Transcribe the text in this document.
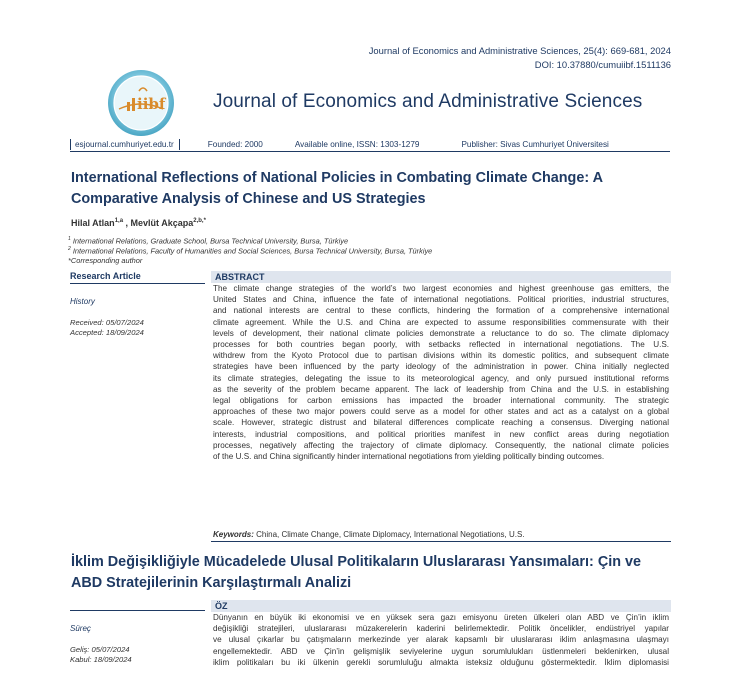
Journal of Economics and Administrative Sciences, 25(4): 669-681, 2024
DOI: 10.37880/cumuiibf.1511136
iibf	Journal of Economics and Administrative Sciences
esjournal.cumhuriyet.edu.tr	Founded: 2000	Available online, ISSN: 1303-1279	Publisher: Sivas Cumhuriyet Üniversitesi
International Reflections of National Policies in Combating Climate Change: A
Comparative Analysis of Chinese and US Strategies
Hilal Atlan$^{1,a}$ , Mevlüt Akçapa$^{2,b,*}$
$^1$ International Relations, Graduate School, Bursa Technical University, Bursa, Türkiye
$^2$ International Relations, Faculty of Humanities and Social Sciences, Bursa Technical University, Bursa, Türkiye
*Corresponding author
Research Article
History
Received: 05/07/2024
Accepted: 18/09/2024
ABSTRACT
The climate change strategies of the world’s two largest economies and highest greenhouse gas emitters, the
United States and China, influence the fate of international negotiations. Political priorities, industrial structures,
and national interests are central to these conflicts, hindering the formation of a comprehensive international
climate agreement. While the U.S. and China are expected to assume responsibilities commensurate with their
levels of development, their national climate policies demonstrate a reluctance to do so. The climate diplomacy
processes for both countries began poorly, with setbacks reflected in international negotiations. The U.S.
withdrew from the Kyoto Protocol due to partisan divisions within its domestic politics, and subsequent climate
strategies have been influenced by the party ideology of the administration in power. China initially neglected
its climate strategies, delegating the issue to its meteorological agency, and only pursued institutional reforms
as the severity of the problem became apparent. The lack of leadership from China and the U.S. in establishing
legal obligations for carbon emissions has impacted the broader international community. The strategic
approaches of these two major powers could serve as a model for other states and act as a catalyst on a global
scale. However, strategic distrust and bilateral differences complicate reaching a consensus. Diverging national
interests, industrial compositions, and political priorities manifest in new conflict areas during negotiation
processes, negatively affecting the trajectory of climate diplomacy. Consequently, the national climate policies
of the U.S. and China significantly hinder international negotiations from yielding politically binding outcomes.
Keywords: China, Climate Change, Climate Diplomacy, International Negotiations, U.S.
İklim Değişikliğiyle Mücadelede Ulusal Politikaların Uluslararası Yansımaları: Çin ve
ABD Stratejilerinin Karşılaştırmalı Analizi
Süreç
Geliş: 05/07/2024
Kabul: 18/09/2024
ÖZ
Dünyanın en büyük iki ekonomisi ve en yüksek sera gazı emisyonu üreten ülkeleri olan ABD ve Çin’in iklim
değişikliği stratejileri, uluslararası müzakerelerin kaderini belirlemektedir. Politik öncelikler, endüstriyel yapılar
ve ulusal çıkarlar bu çatışmaların merkezinde yer alarak kapsamlı bir uluslararası iklim anlaşmasına ulaşmayı
engellemektedir. ABD ve Çin’in gelişmişlik seviyelerine uygun sorumlulukları üstlenmeleri beklenirken, ulusal
iklim politikaları bu iki ülkenin gerekli sorumluluğu almakta isteksiz olduğunu göstermektedir. İklim diplomasisi
